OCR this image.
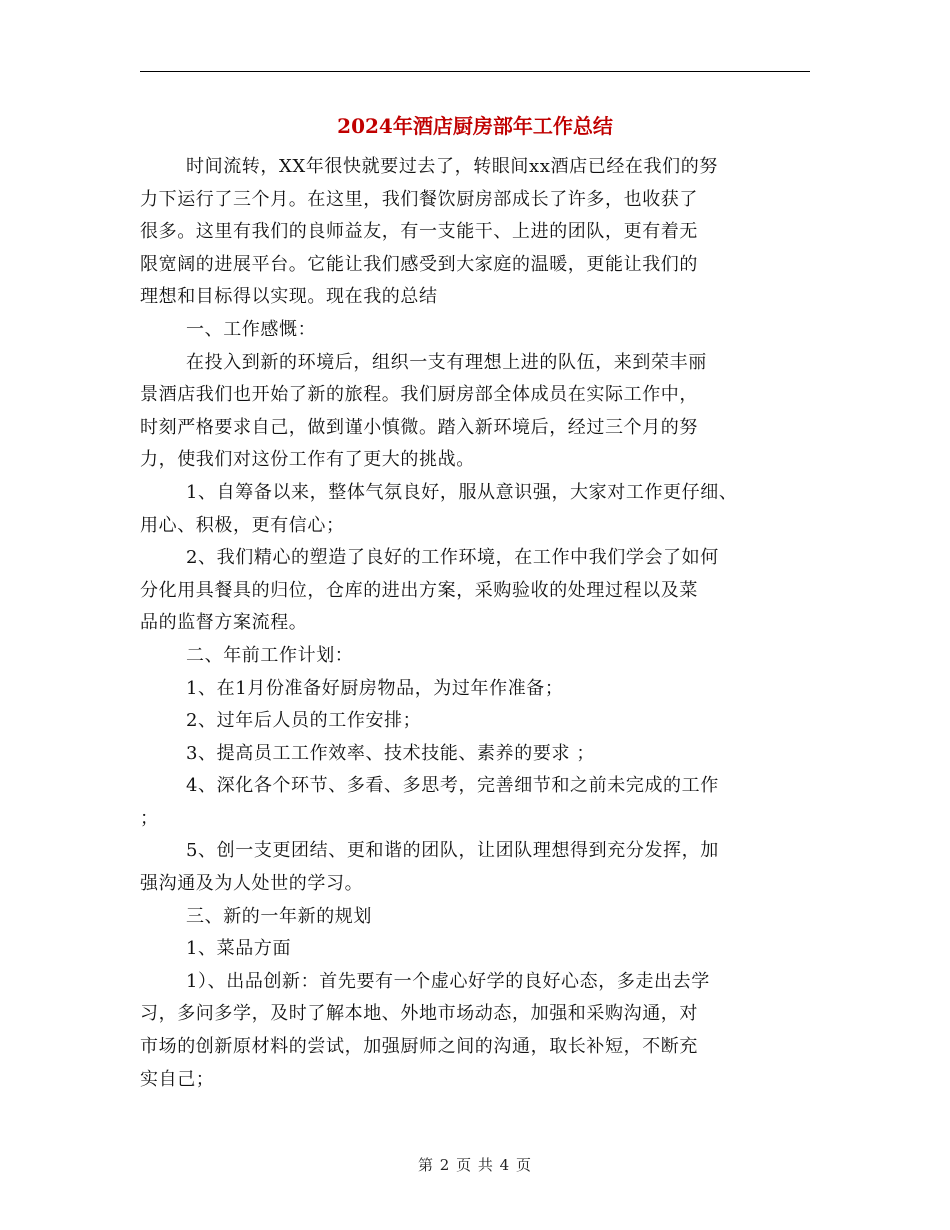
2024年酒店厨房部年工作总结

时间流转，XX年很快就要过去了，转眼间xx酒店已经在我们的努

力下运行了三个月。在这里，我们餐饮厨房部成长了许多，也收获了

很多。这里有我们的良师益友，有一支能干、上进的团队，更有着无

限宽阔的进展平台。它能让我们感受到大家庭的温暖，更能让我们的

理想和目标得以实现。现在我的总结

一、工作感慨：

在投入到新的环境后，组织一支有理想上进的队伍，来到荣丰丽

景酒店我们也开始了新的旅程。我们厨房部全体成员在实际工作中，

时刻严格要求自己，做到谨小慎微。踏入新环境后，经过三个月的努

力，使我们对这份工作有了更大的挑战。

1、自筹备以来，整体气氛良好，服从意识强，大家对工作更仔细、

用心、积极，更有信心；

2、我们精心的塑造了良好的工作环境，在工作中我们学会了如何

分化用具餐具的归位，仓库的进出方案，采购验收的处理过程以及菜

品的监督方案流程。

二、年前工作计划：

1、在1月份准备好厨房物品，为过年作准备；

2、过年后人员的工作安排；

3、提高员工工作效率、技术技能、素养的要求 ；

4、深化各个环节、多看、多思考，完善细节和之前未完成的工作

；

5、创一支更团结、更和谐的团队，让团队理想得到充分发挥，加

强沟通及为人处世的学习。

三、新的一年新的规划

1、菜品方面

1）、出品创新：首先要有一个虚心好学的良好心态，多走出去学

习，多问多学，及时了解本地、外地市场动态，加强和采购沟通，对

市场的创新原材料的尝试，加强厨师之间的沟通，取长补短，不断充

实自己；

第 2 页 共 4 页
